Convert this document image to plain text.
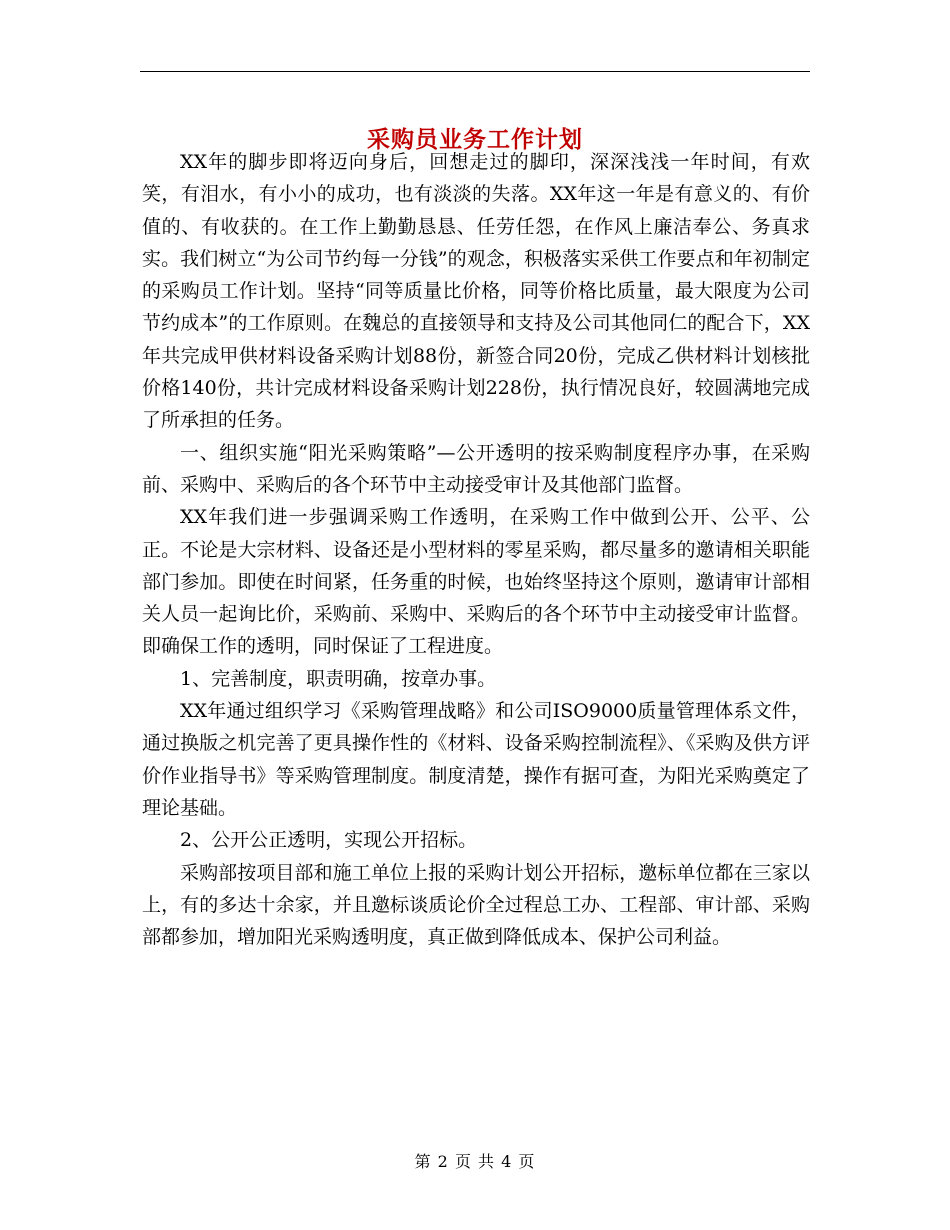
采购员业务工作计划

XX年的脚步即将迈向身后，回想走过的脚印，深深浅浅一年时间，有欢笑，有泪水，有小小的成功，也有淡淡的失落。XX年这一年是有意义的、有价值的、有收获的。在工作上勤勤恳恳、任劳任怨，在作风上廉洁奉公、务真求实。我们树立“为公司节约每一分钱”的观念，积极落实采供工作要点和年初制定的采购员工作计划。坚持“同等质量比价格，同等价格比质量，最大限度为公司节约成本”的工作原则。在魏总的直接领导和支持及公司其他同仁的配合下，XX年共完成甲供材料设备采购计划88份，新签合同20份，完成乙供材料计划核批价格140份，共计完成材料设备采购计划228份，执行情况良好，较圆满地完成了所承担的任务。

一、组织实施“阳光采购策略”—公开透明的按采购制度程序办事，在采购前、采购中、采购后的各个环节中主动接受审计及其他部门监督。

XX年我们进一步强调采购工作透明，在采购工作中做到公开、公平、公正。不论是大宗材料、设备还是小型材料的零星采购，都尽量多的邀请相关职能部门参加。即使在时间紧，任务重的时候，也始终坚持这个原则，邀请审计部相关人员一起询比价，采购前、采购中、采购后的各个环节中主动接受审计监督。即确保工作的透明，同时保证了工程进度。

1、完善制度，职责明确，按章办事。

XX年通过组织学习《采购管理战略》和公司ISO9000质量管理体系文件，通过换版之机完善了更具操作性的《材料、设备采购控制流程》、《采购及供方评价作业指导书》等采购管理制度。制度清楚，操作有据可查，为阳光采购奠定了理论基础。

2、公开公正透明，实现公开招标。

采购部按项目部和施工单位上报的采购计划公开招标，邀标单位都在三家以上，有的多达十余家，并且邀标谈质论价全过程总工办、工程部、审计部、采购部都参加，增加阳光采购透明度，真正做到降低成本、保护公司利益。

第 2 页 共 4 页
